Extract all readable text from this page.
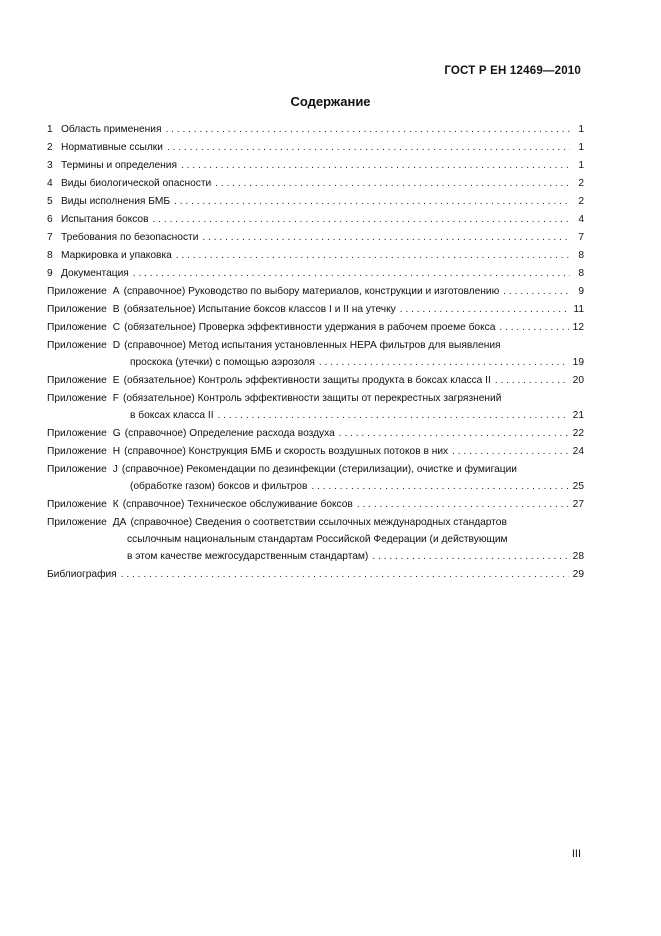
ГОСТ Р ЕН 12469—2010
Содержание
1 Область применения . . .	1
2 Нормативные ссылки . . .	1
3 Термины и определения . . .	1
4 Виды биологической опасности . . .	2
5 Виды исполнения БМБ . . .	2
6 Испытания боксов . . .	4
7 Требования по безопасности . . .	7
8 Маркировка и упаковка . . .	8
9 Документация . . .	8
Приложение А (справочное) Руководство по выбору материалов, конструкции и изготовлению . . .	9
Приложение В (обязательное) Испытание боксов классов I и II на утечку . . .	11
Приложение С (обязательное) Проверка эффективности удержания в рабочем проеме бокса . . .	12
Приложение D (справочное) Метод испытания установленных НЕРА фильтров для выявления
проскока (утечки) с помощью аэрозоля . . .	19
Приложение Е (обязательное) Контроль эффективности защиты продукта в боксах класса II . . .	20
Приложение F (обязательное) Контроль эффективности защиты от перекрестных загрязнений
в боксах класса II . . .	21
Приложение G (справочное) Определение расхода воздуха . . .	22
Приложение Н (справочное) Конструкция БМБ и скорость воздушных потоков в них . . .	24
Приложение J (справочное) Рекомендации по дезинфекции (стерилизации), очистке и фумигации
(обработке газом) боксов и фильтров . . .	25
Приложение К (справочное) Техническое обслуживание боксов . . .	27
Приложение ДА (справочное) Сведения о соответствии ссылочных международных стандартов
ссылочным национальным стандартам Российской Федерации (и действующим
в этом качестве межгосударственным стандартам) . . .	28
Библиография . . .	29
III
